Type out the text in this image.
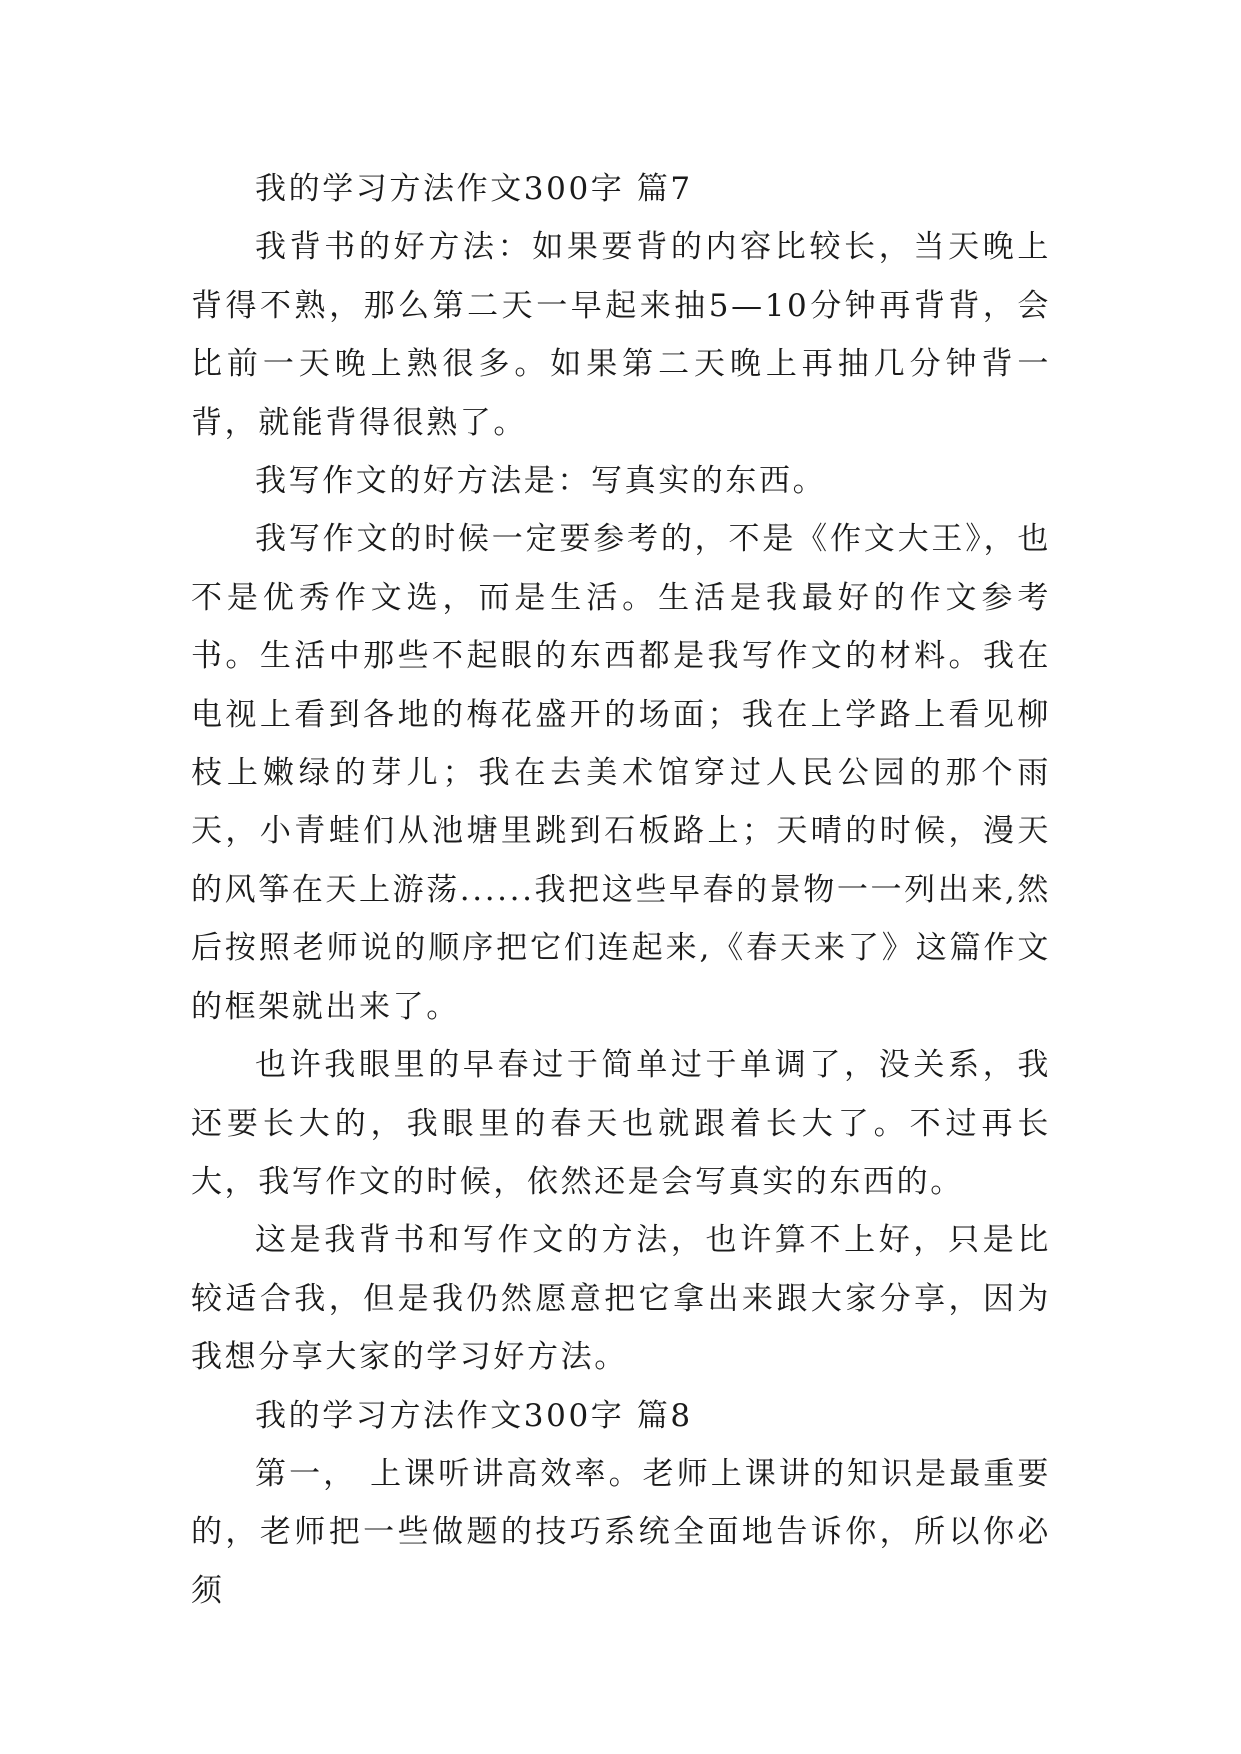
我的学习方法作文300字 篇7

我背书的好方法：如果要背的内容比较长，当天晚上背得不熟，那么第二天一早起来抽5—10分钟再背背，会比前一天晚上熟很多。如果第二天晚上再抽几分钟背一背，就能背得很熟了。

我写作文的好方法是：写真实的东西。

我写作文的时候一定要参考的，不是《作文大王》，也不是优秀作文选，而是生活。生活是我最好的作文参考书。生活中那些不起眼的东西都是我写作文的材料。我在电视上看到各地的梅花盛开的场面；我在上学路上看见柳枝上嫩绿的芽儿；我在去美术馆穿过人民公园的那个雨天，小青蛙们从池塘里跳到石板路上；天晴的时候，漫天的风筝在天上游荡......我把这些早春的景物一一列出来,然后按照老师说的顺序把它们连起来,《春天来了》这篇作文的框架就出来了。

也许我眼里的早春过于简单过于单调了，没关系，我还要长大的，我眼里的春天也就跟着长大了。不过再长大，我写作文的时候，依然还是会写真实的东西的。

这是我背书和写作文的方法，也许算不上好，只是比较适合我，但是我仍然愿意把它拿出来跟大家分享，因为我想分享大家的学习好方法。

我的学习方法作文300字 篇8

第一， 上课听讲高效率。老师上课讲的知识是最重要的，老师把一些做题的技巧系统全面地告诉你，所以你必须
